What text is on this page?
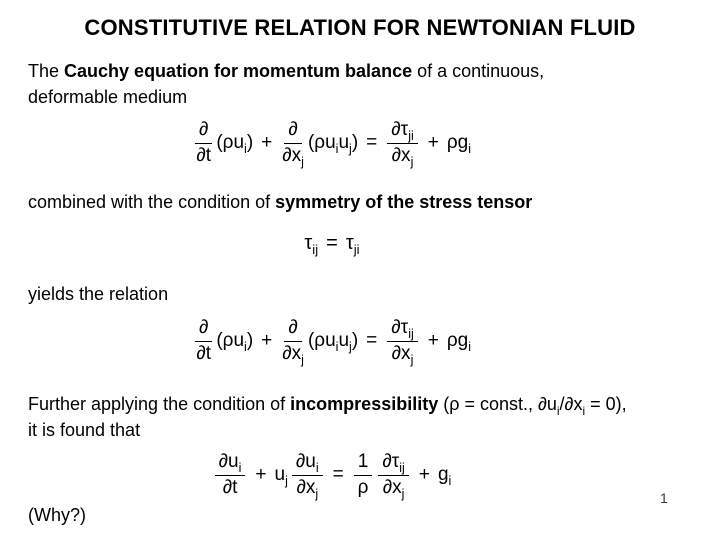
CONSTITUTIVE RELATION FOR NEWTONIAN FLUID

The Cauchy equation for momentum balance of a continuous,
deformable medium

$\frac{\partial}{\partial t} (\rho u_i) + \frac{\partial}{\partial x_j} (\rho u_iu_j) = \frac{\partial\tau_{ji}}{\partial x_j} + \rho g_i$

combined with the condition of symmetry of the stress tensor

$\tau_{ij} = \tau_{ji}$

yields the relation

$\frac{\partial}{\partial t} (\rho u_i) + \frac{\partial}{\partial x_j} (\rho u_iu_j) = \frac{\partial\tau_{ij}}{\partial x_j} + \rho g_i$

Further applying the condition of incompressibility (ρ = const., $\partial u_i/\partial x_i = 0$),
it is found that

$\frac{\partial u_i}{\partial t} + u_j \frac{\partial u_i}{\partial x_j} = \frac{1}{\rho} \frac{\partial\tau_{ij}}{\partial x_j} + g_i$

(Why?)

1
